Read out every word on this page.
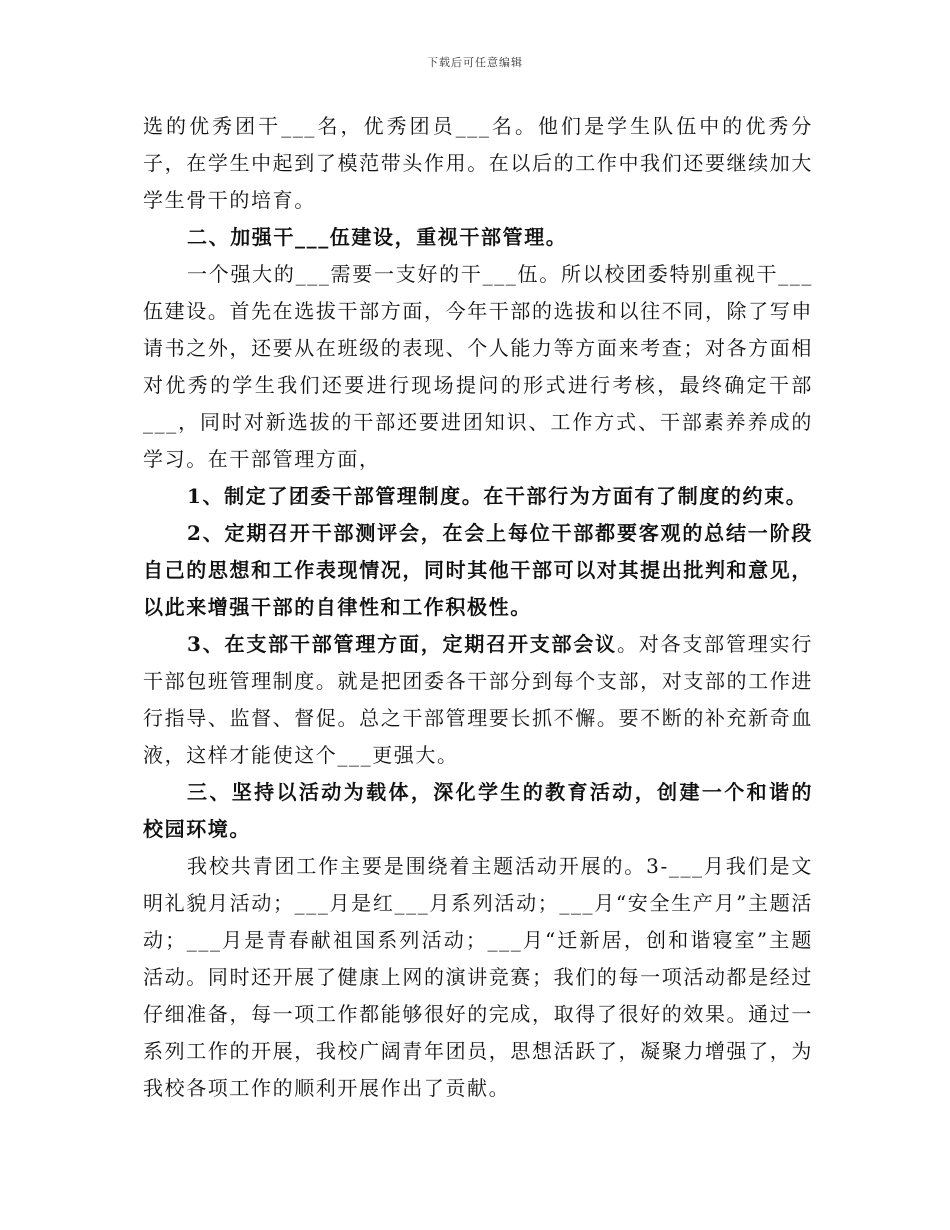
下载后可任意编辑

选的优秀团干___名，优秀团员___名。他们是学生队伍中的优秀分子，在学生中起到了模范带头作用。在以后的工作中我们还要继续加大学生骨干的培育。

二、加强干___伍建设，重视干部管理。

一个强大的___需要一支好的干___伍。所以校团委特别重视干___伍建设。首先在选拔干部方面，今年干部的选拔和以往不同，除了写申请书之外，还要从在班级的表现、个人能力等方面来考查；对各方面相对优秀的学生我们还要进行现场提问的形式进行考核，最终确定干部___，同时对新选拔的干部还要进团知识、工作方式、干部素养养成的学习。在干部管理方面，

1、制定了团委干部管理制度。在干部行为方面有了制度的约束。

2、定期召开干部测评会，在会上每位干部都要客观的总结一阶段自己的思想和工作表现情况，同时其他干部可以对其提出批判和意见，以此来增强干部的自律性和工作积极性。

3、在支部干部管理方面，定期召开支部会议。对各支部管理实行干部包班管理制度。就是把团委各干部分到每个支部，对支部的工作进行指导、监督、督促。总之干部管理要长抓不懈。要不断的补充新奇血液，这样才能使这个___更强大。

三、坚持以活动为载体，深化学生的教育活动，创建一个和谐的校园环境。

我校共青团工作主要是围绕着主题活动开展的。3-___月我们是文明礼貌月活动；___月是红___月系列活动；___月“安全生产月”主题活动；___月是青春献祖国系列活动；___月“迁新居，创和谐寝室”主题活动。同时还开展了健康上网的演讲竞赛；我们的每一项活动都是经过仔细准备，每一项工作都能够很好的完成，取得了很好的效果。通过一系列工作的开展，我校广阔青年团员，思想活跃了，凝聚力增强了，为我校各项工作的顺利开展作出了贡献。
